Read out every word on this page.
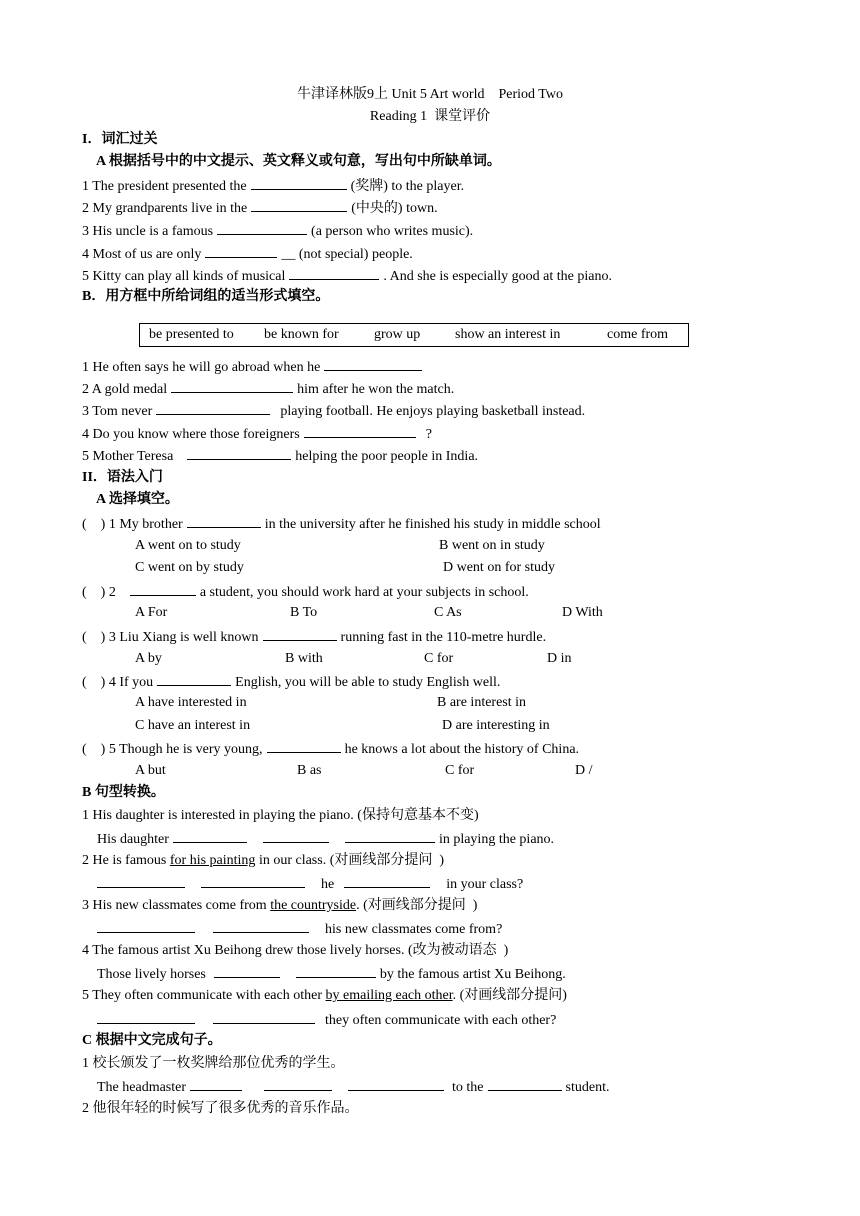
牛津译林版9上 Unit 5 Art world    Period Two
Reading 1  课堂评价
I．词汇过关
A 根据括号中的中文提示、英文释义或句意，写出句中所缺单词。
1 The president presented the	(奖牌) to the player.
2 My grandparents live in the	(中央的) town.
3 His uncle is a famous	(a person who writes music).
4 Most of us are only	__ (not special) people.
5 Kitty can play all kinds of musical	. And she is especially good at the piano.
B．用方框中所给词组的适当形式填空。
be presented to be known for	grow up show an interest in	come from
1 He often says he will go abroad when he
2 A gold medal	him after he won the match.
3 Tom never	playing football. He enjoys playing basketball instead.
4 Do you know where those foreigners	?
5 Mother Teresa	helping the poor people in India.
II．语法入门
A 选择填空。
(    ) 1 My brother	in the university after he finished his study in middle school
A went on to study	B went on in study
C went on by study	D went on for study
(    ) 2	a student, you should work hard at your subjects in school.
A For	B To	C As	D With
(    ) 3 Liu Xiang is well known	running fast in the 110-metre hurdle.
A by	B with	C for	D in
(    ) 4 If you	English, you will be able to study English well.
A have interested in	B are interest in
C have an interest in	D are interesting in
(    ) 5 Though he is very young,	he knows a lot about the history of China.
A but	B as	C for	D /
B 句型转换。
1 His daughter is interested in playing the piano. (保持句意基本不变)
His daughter	in playing the piano.
2 He is famous for his painting in our class. (对画线部分提问  )
he	in your class?
3 His new classmates come from the countryside. (对画线部分提问  )
his new classmates come from?
4 The famous artist Xu Beihong drew those lively horses. (改为被动语态  )
Those lively horses	by the famous artist Xu Beihong.
5 They often communicate with each other by emailing each other. (对画线部分提问)
they often communicate with each other?
C 根据中文完成句子。
1 校长颁发了一枚奖牌给那位优秀的学生。
The headmaster	to the	student.
2 他很年轻的时候写了很多优秀的音乐作品。
